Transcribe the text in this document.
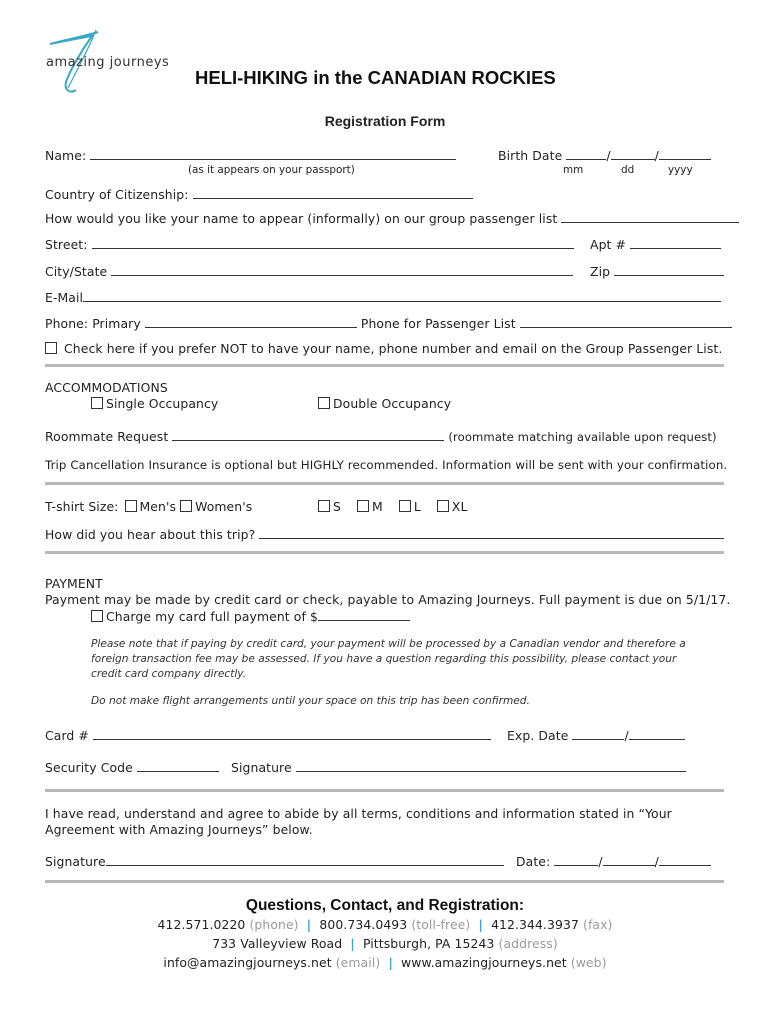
amazing journeys
HELI-HIKING in the CANADIAN ROCKIES
Registration Form
Name:	Birth Date	/	/
(as it appears on your passport)	mm	dd	yyyy
Country of Citizenship:
How would you like your name to appear (informally) on our group passenger list
Street:	Apt #
City/State	Zip
E-Mail
Phone: Primary	Phone for Passenger List
Check here if you prefer NOT to have your name, phone number and email on the Group Passenger List.
ACCOMMODATIONS
Single Occupancy	Double Occupancy
Roommate Request	(roommate matching available upon request)
Trip Cancellation Insurance is optional but HIGHLY recommended. Information will be sent with your confirmation.
T-shirt Size: Men's Women's	S	M	L	XL
How did you hear about this trip?
PAYMENT
Payment may be made by credit card or check, payable to Amazing Journeys. Full payment is due on 5/1/17.
Charge my card full payment of $
Please note that if paying by credit card, your payment will be processed by a Canadian vendor and therefore a
foreign transaction fee may be assessed. If you have a question regarding this possibility, please contact your
credit card company directly.
Do not make flight arrangements until your space on this trip has been confirmed.
Card #	Exp. Date	/
Security Code	Signature
I have read, understand and agree to abide by all terms, conditions and information stated in “Your
Agreement with Amazing Journeys” below.
Signature	Date:	/	/
Questions, Contact, and Registration:
412.571.0220 (phone) | 800.734.0493 (toll-free) | 412.344.3937 (fax)
733 Valleyview Road | Pittsburgh, PA 15243 (address)
info@amazingjourneys.net (email) | www.amazingjourneys.net (web)
